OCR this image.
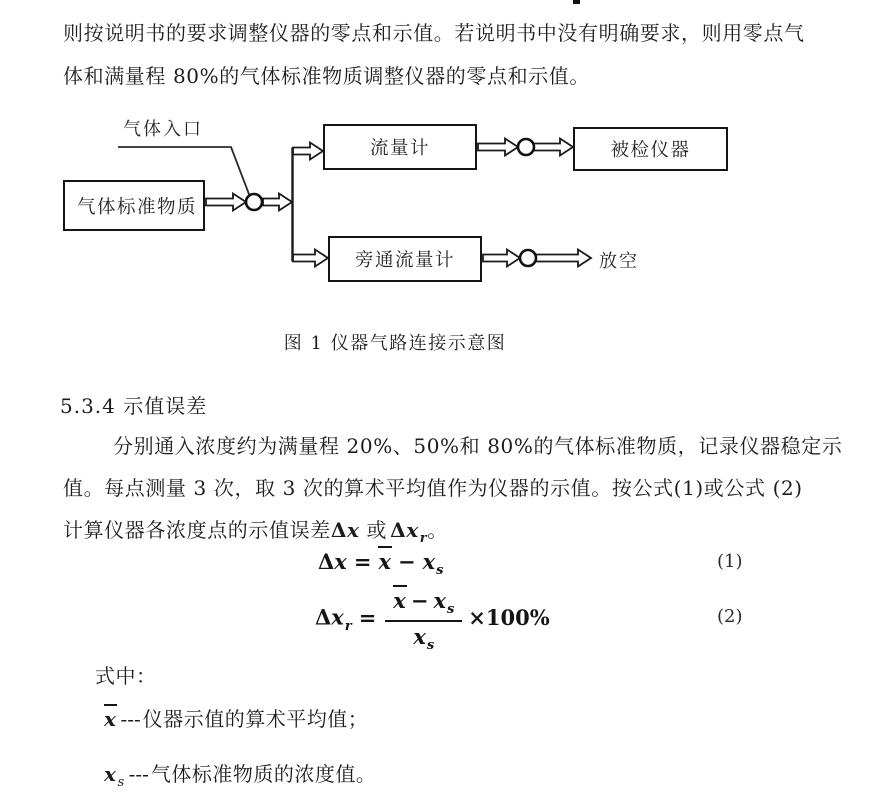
则按说明书的要求调整仪器的零点和示值。若说明书中没有明确要求，则用零点气
体和满量程 80%的气体标准物质调整仪器的零点和示值。
气体入口
气体标准物质
流量计	被检仪器
旁通流量计	放空
图 1 仪器气路连接示意图
5.3.4 示值误差
分别通入浓度约为满量程 20%、50%和 80%的气体标准物质，记录仪器稳定示
值。每点测量 3 次，取 3 次的算术平均值作为仪器的示值。按公式(1)或公式 (2)
计算仪器各浓度点的示值误差Δx 或 $\Delta x_r$。
$\Delta x = x - x_s$	(1)
$\Delta x_r = \frac{x - x_s}{x_s} \times 100\%$	(2)
式中：
x --- 仪器示值的算术平均值；
$x_s$ --- 气体标准物质的浓度值。
